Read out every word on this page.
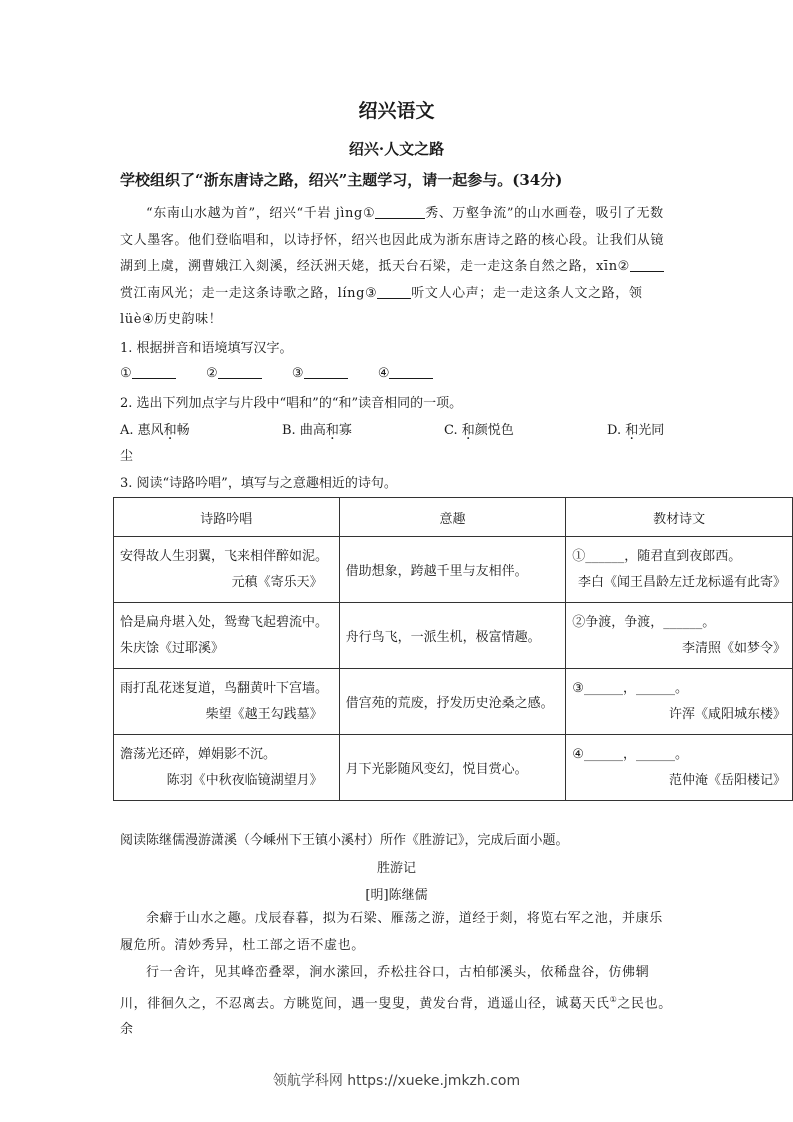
绍兴语文
绍兴·人文之路
学校组织了“浙东唐诗之路，绍兴”主题学习，请一起参与。(34分)
“东南山水越为首”，绍兴“千岩 jìng①	秀、万壑争流”的山水画卷，吸引了无数文人墨客。他们登临唱和，以诗抒怀，绍兴也因此成为浙东唐诗之路的核心段。让我们从镜湖到上虞，溯曹娥江入剡溪，经沃洲天姥，抵天台石梁，走一走这条自然之路，xīn②赏江南风光；走一走这条诗歌之路，líng③	听文人心声；走一走这条人文之路，领 lüè④历史韵味！
1. 根据拼音和语境填写汉字。
①	②	③	④
2. 选出下列加点字与片段中“唱和”的“和”读音相同的一项。
A. 惠风和畅	B. 曲高和寡	C. 和颜悦色	D. 和光同
尘
3. 阅读“诗路吟唱”，填写与之意趣相近的诗句。
诗路吟唱	意趣	教材诗文

安得故人生羽翼，飞来相伴醉如泥。
元稹《寄乐天》	借助想象，跨越千里与友相伴。	①______，随君直到夜郎西。
李白《闻王昌龄左迁龙标遥有此寄》

恰是扁舟堪入处，鸳鸯飞起碧流中。
朱庆馀《过耶溪》	舟行鸟飞，一派生机，极富情趣。	②争渡，争渡，______。
李清照《如梦令》

雨打乱花迷复道，鸟翻黄叶下宫墙。
柴望《越王勾践墓》	借宫苑的荒废，抒发历史沧桑之感。	③______，______。
许浑《咸阳城东楼》

澹荡光还碎，婵娟影不沉。
陈羽《中秋夜临镜湖望月》	月下光影随风变幻，悦目赏心。	④______，______。
范仲淹《岳阳楼记》
阅读陈继儒漫游潇溪（今嵊州下王镇小溪村）所作《胜游记》，完成后面小题。
胜游记
[明]陈继儒
余癖于山水之趣。戊辰春暮，拟为石梁、雁荡之游，道经于剡，将览右军之池，并康乐履危所。清妙秀异，杜工部之语不虚也。
行一舍许，见其峰峦叠翠，涧水潆回，乔松拄谷口，古柏郁溪头，依稀盘谷，仿佛辋川，徘徊久之，不忍离去。方眺览间，遇一叟叟，黄发台背，逍遥山径，诚 ·葛天氏①之民也。余
领航学科网 https://xueke.jmkzh.com
